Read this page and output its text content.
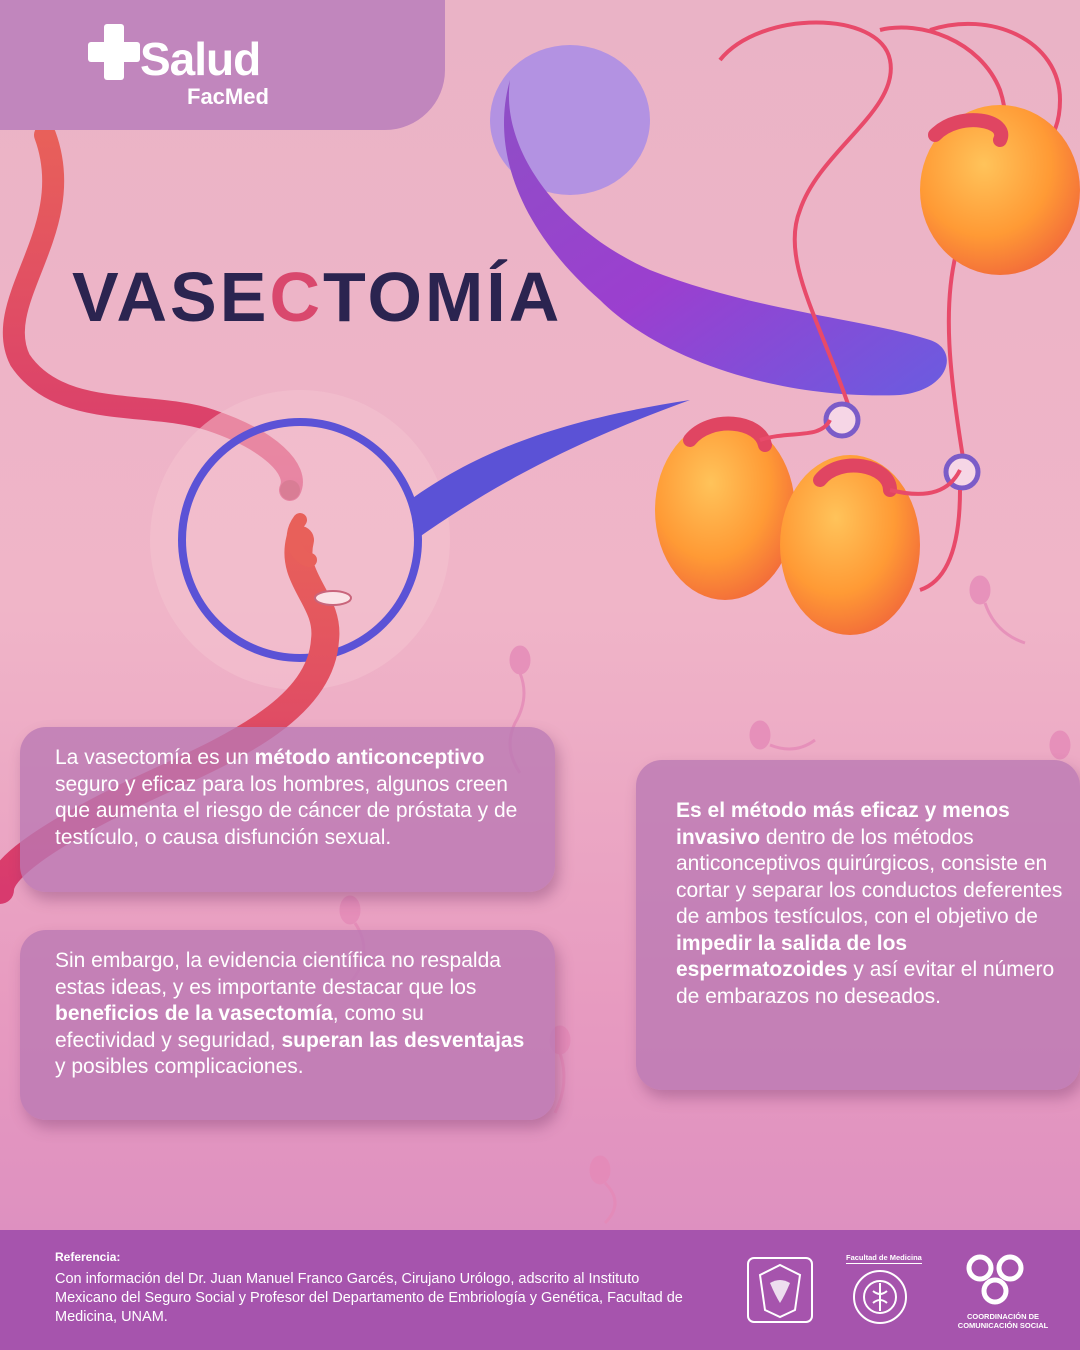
Salud
FacMed
VASECTOMÍA

La vasectomía es un método anticonceptivo seguro y eficaz para los hombres, algunos creen que aumenta el riesgo de cáncer de próstata y de testículo, o causa disfunción sexual.

Sin embargo, la evidencia científica no respalda estas ideas, y es importante destacar que los beneficios de la vasectomía, como su efectividad y seguridad, superan las desventajas y posibles complicaciones.

Es el método más eficaz y menos invasivo dentro de los métodos anticonceptivos quirúrgicos, consiste en cortar y separar los conductos deferentes de ambos testículos, con el objetivo de impedir la salida de los espermatozoides y así evitar el número de embarazos no deseados.

Referencia:
Con información del Dr. Juan Manuel Franco Garcés, Cirujano Urólogo, adscrito al Instituto Mexicano del Seguro Social y Profesor del Departamento de Embriología y Genética, Facultad de Medicina, UNAM.
Facultad de Medicina
COORDINACIÓN DE COMUNICACIÓN SOCIAL
